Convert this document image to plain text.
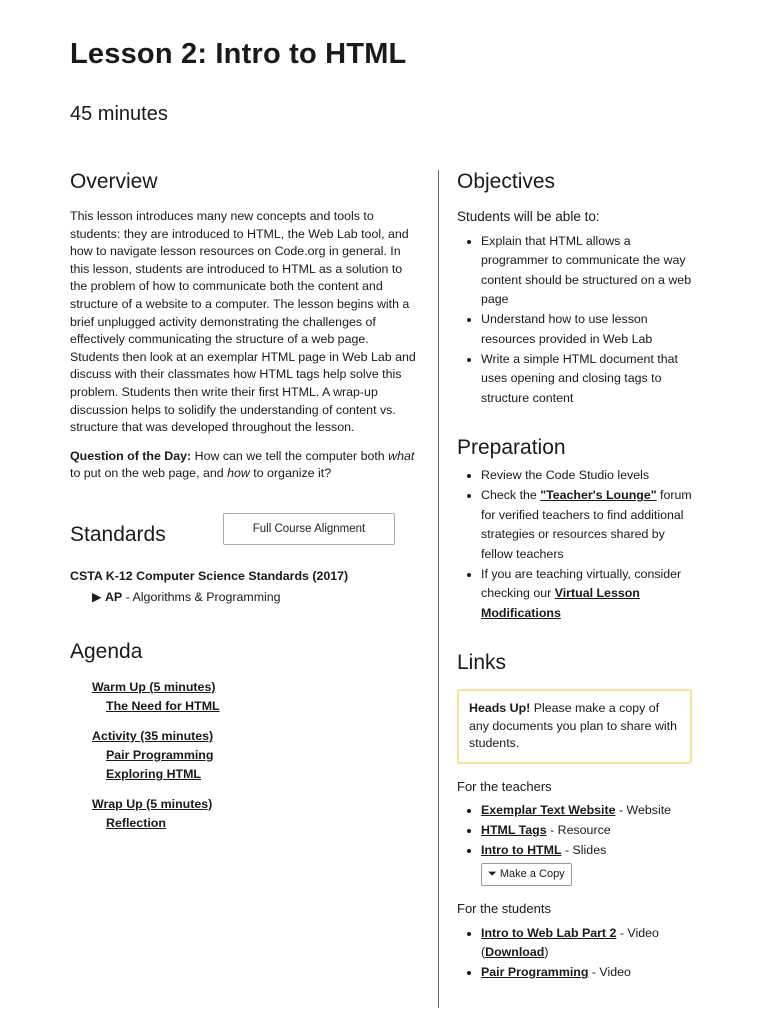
Lesson 2: Intro to HTML
45 minutes
Overview

This lesson introduces many new concepts and tools to students: they are introduced to HTML, the Web Lab tool, and how to navigate lesson resources on Code.org in general. In this lesson, students are introduced to HTML as a solution to the problem of how to communicate both the content and structure of a website to a computer. The lesson begins with a brief unplugged activity demonstrating the challenges of effectively communicating the structure of a web page. Students then look at an exemplar HTML page in Web Lab and discuss with their classmates how HTML tags help solve this problem. Students then write their first HTML. A wrap-up discussion helps to solidify the understanding of content vs. structure that was developed throughout the lesson.

Question of the Day: How can we tell the computer both what to put on the web page, and how to organize it?

Standards	Full Course Alignment
CSTA K-12 Computer Science Standards (2017)
▶ AP - Algorithms & Programming
Agenda
Warm Up (5 minutes)
The Need for HTML
Activity (35 minutes)
Pair Programming
Exploring HTML
Wrap Up (5 minutes)
Reflection
Objectives

Students will be able to:

• Explain that HTML allows a programmer to communicate the way content should be structured on a web page
• Understand how to use lesson resources provided in Web Lab
• Write a simple HTML document that uses opening and closing tags to structure content
Preparation
• Review the Code Studio levels
• Check the "Teacher's Lounge" forum for verified teachers to find additional strategies or resources shared by fellow teachers
• If you are teaching virtually, consider checking our Virtual Lesson Modifications
Links
Heads Up! Please make a copy of any documents you plan to share with students.

For the teachers

• Exemplar Text Website - Website
• HTML Tags - Resource
• Intro to HTML - Slides
⏷ Make a Copy

For the students

• Intro to Web Lab Part 2 - Video
(Download)
• Pair Programming - Video
